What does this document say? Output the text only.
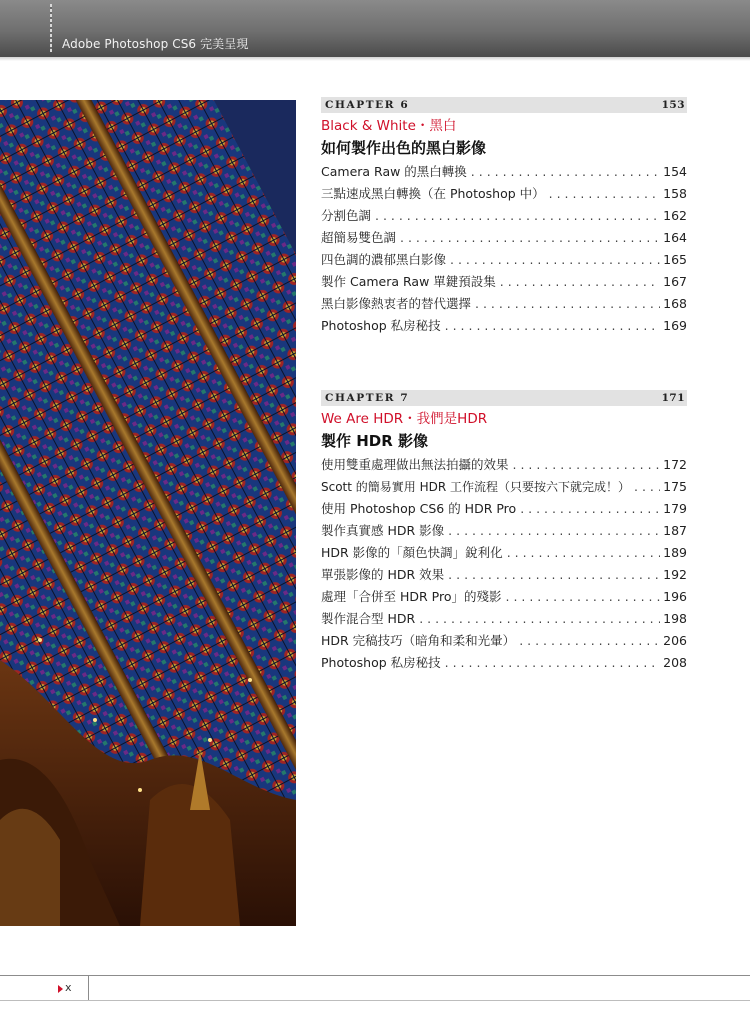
Adobe Photoshop CS6 完美呈現
CHAPTER 6	153
Black & White・黑白
如何製作出色的黑白影像
Camera Raw 的黑白轉換 . . .	154
三點速成黑白轉換（在 Photoshop 中） . . .	158
分割色調 . . .	162
超簡易雙色調 . . .	164
四色調的濃郁黑白影像 . . .	165
製作 Camera Raw 單鍵預設集 . . .	167
黑白影像熱衷者的替代選擇 . . .	168
Photoshop 私房秘技 . . .	169
CHAPTER 7	171
We Are HDR・我們是HDR
製作 HDR 影像
使用雙重處理做出無法拍攝的效果 . . .	172
Scott 的簡易實用 HDR 工作流程（只要按六下就完成！） . . .	175
使用 Photoshop CS6 的 HDR Pro . . .	179
製作真實感 HDR 影像 . . .	187
HDR 影像的「顏色快調」銳利化 . . .	189
單張影像的 HDR 效果 . . .	192
處理「合併至 HDR Pro」的殘影 . . .	196
製作混合型 HDR . . .	198
HDR 完稿技巧（暗角和柔和光暈） . . .	206
Photoshop 私房秘技 . . .	208
x
